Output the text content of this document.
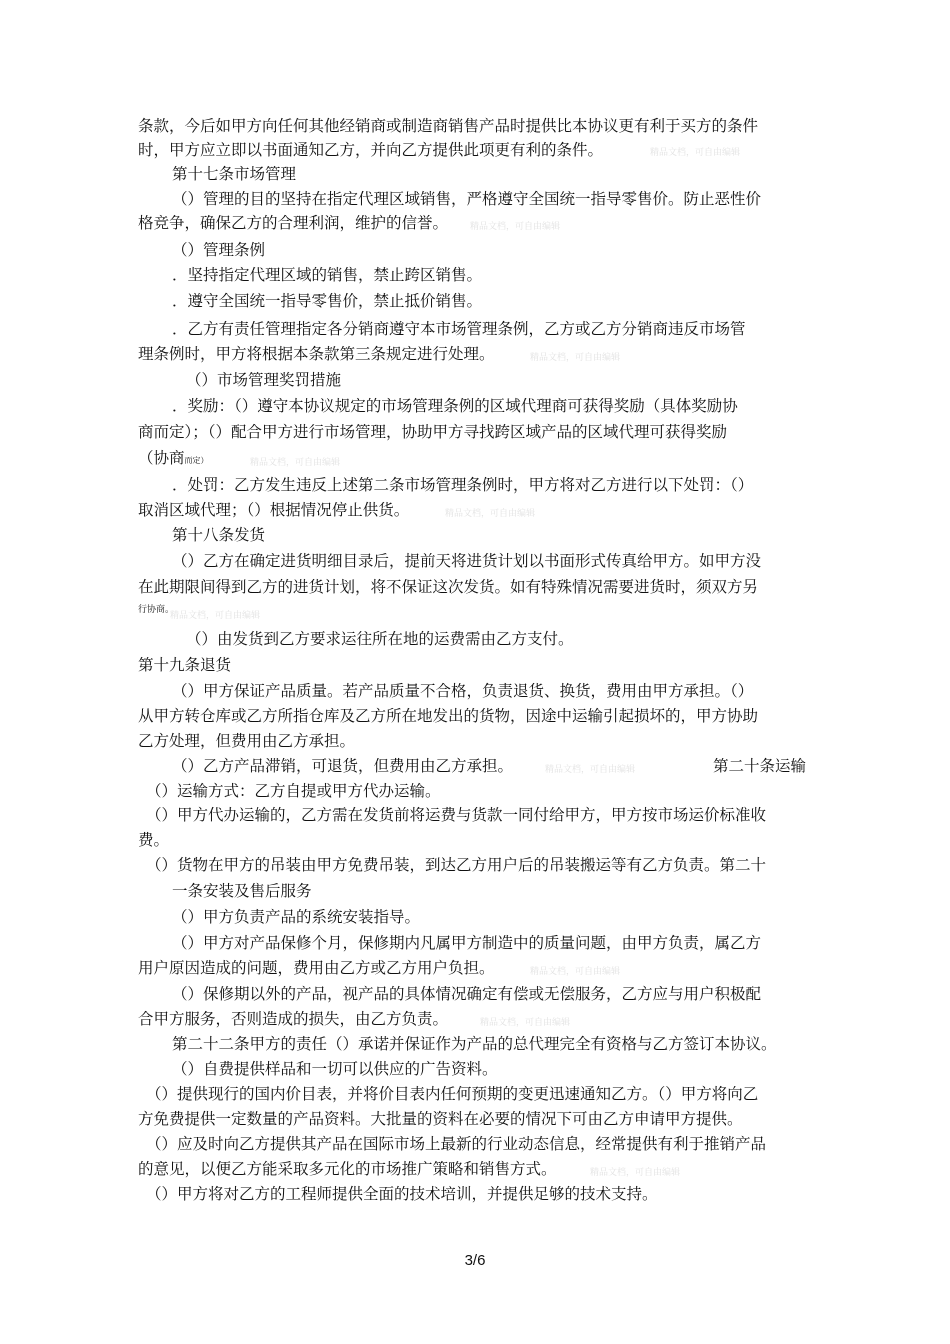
条款，今后如甲方向任何其他经销商或制造商销售产品时提供比本协议更有利于买方的条件
时，甲方应立即以书面通知乙方，并向乙方提供此项更有利的条件。	精品文档，可自由编辑
第十七条市场管理
（）管理的目的坚持在指定代理区域销售，严格遵守全国统一指导零售价。防止恶性价
格竞争，确保乙方的合理利润，维护的信誉。 精品文档，可自由编辑
（）管理条例
．坚持指定代理区域的销售，禁止跨区销售。
．遵守全国统一指导零售价，禁止抵价销售。
．乙方有责任管理指定各分销商遵守本市场管理条例，乙方或乙方分销商违反市场管
理条例时，甲方将根据本条款第三条规定进行处理。	精品文档，可自由编辑
（）市场管理奖罚措施
．奖励：（）遵守本协议规定的市场管理条例的区域代理商可获得奖励（具体奖励协
商而定）；（）配合甲方进行市场管理，协助甲方寻找跨区域产品的区域代理可获得奖励
（协商而定）	精品文档，可自由编辑
．处罚：乙方发生违反上述第二条市场管理条例时，甲方将对乙方进行以下处罚：（）
取消区域代理；（）根据情况停止供货。	精品文档，可自由编辑
第十八条发货
（）乙方在确定进货明细目录后，提前天将进货计划以书面形式传真给甲方。如甲方没
在此期限间得到乙方的进货计划，将不保证这次发货。如有特殊情况需要进货时，须双方另
行协商。
精品文档，可自由编辑
（）由发货到乙方要求运往所在地的运费需由乙方支付。
第十九条退货
（）甲方保证产品质量。若产品质量不合格，负责退货、换货，费用由甲方承担。（）
从甲方转仓库或乙方所指仓库及乙方所在地发出的货物，因途中运输引起损坏的，甲方协助
乙方处理，但费用由乙方承担。
（）乙方产品滞销，可退货，但费用由乙方承担。	精品文档，可自由编辑	第二十条运输
（）运输方式：乙方自提或甲方代办运输。
（）甲方代办运输的，乙方需在发货前将运费与货款一同付给甲方，甲方按市场运价标准收
费。
（）货物在甲方的吊装由甲方免费吊装，到达乙方用户后的吊装搬运等有乙方负责。第二十
一条安装及售后服务
（）甲方负责产品的系统安装指导。
（）甲方对产品保修个月，保修期内凡属甲方制造中的质量问题，由甲方负责，属乙方
用户原因造成的问题，费用由乙方或乙方用户负担。	精品文档，可自由编辑
（）保修期以外的产品，视产品的具体情况确定有偿或无偿服务，乙方应与用户积极配
合甲方服务，否则造成的损失，由乙方负责。	精品文档，可自由编辑
第二十二条甲方的责任（）承诺并保证作为产品的总代理完全有资格与乙方签订本协议。
（）自费提供样品和一切可以供应的广告资料。
（）提供现行的国内价目表，并将价目表内任何预期的变更迅速通知乙方。（）甲方将向乙
方免费提供一定数量的产品资料。大批量的资料在必要的情况下可由乙方申请甲方提供。
（）应及时向乙方提供其产品在国际市场上最新的行业动态信息，经常提供有利于推销产品
的意见，以便乙方能采取多元化的市场推广策略和销售方式。	精品文档，可自由编辑
（）甲方将对乙方的工程师提供全面的技术培训，并提供足够的技术支持。
3/6
